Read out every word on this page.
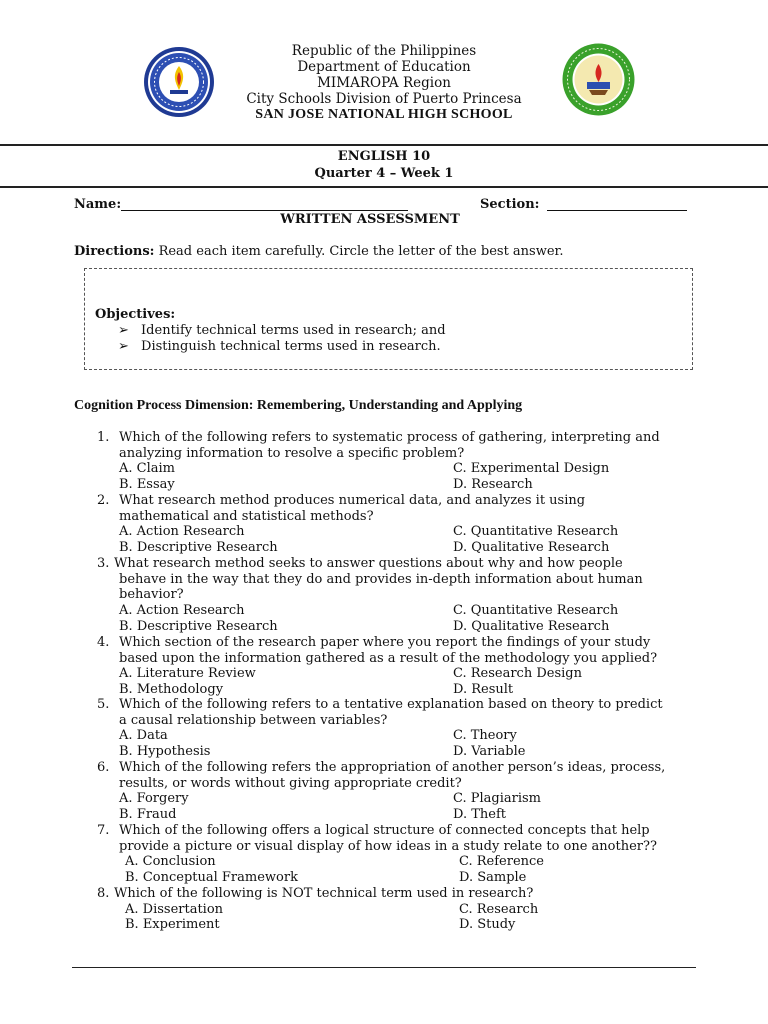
Republic of the Philippines
Department of Education
MIMAROPA Region
City Schools Division of Puerto Princesa
SAN JOSE NATIONAL HIGH SCHOOL
ENGLISH 10
Quarter 4 – Week 1
Name:	Section:
WRITTEN ASSESSMENT
Directions: Read each item carefully. Circle the letter of the best answer.
Objectives:
➢ Identify technical terms used in research; and
➢ Distinguish technical terms used in research.
Cognition Process Dimension: Remembering, Understanding and Applying
1. Which of the following refers to systematic process of gathering, interpreting and
analyzing information to resolve a specific problem?
A. Claim	C. Experimental Design
B. Essay	D. Research
2. What research method produces numerical data, and analyzes it using
mathematical and statistical methods?
A. Action Research	C. Quantitative Research
B. Descriptive Research	D. Qualitative Research
3. What research method seeks to answer questions about why and how people
behave in the way that they do and provides in-depth information about human
behavior?
A. Action Research	C. Quantitative Research
B. Descriptive Research	D. Qualitative Research
4. Which section of the research paper where you report the findings of your study
based upon the information gathered as a result of the methodology you applied?
A. Literature Review	C. Research Design
B. Methodology	D. Result
5. Which of the following refers to a tentative explanation based on theory to predict
a causal relationship between variables?
A. Data	C. Theory
B. Hypothesis	D. Variable
6. Which of the following refers the appropriation of another person’s ideas, process,
results, or words without giving appropriate credit?
A. Forgery	C. Plagiarism
B. Fraud	D. Theft
7. Which of the following offers a logical structure of connected concepts that help
provide a picture or visual display of how ideas in a study relate to one another??
A. Conclusion	C. Reference
B. Conceptual Framework	D. Sample
8. Which of the following is NOT technical term used in research?
A. Dissertation	C. Research
B. Experiment	D. Study
